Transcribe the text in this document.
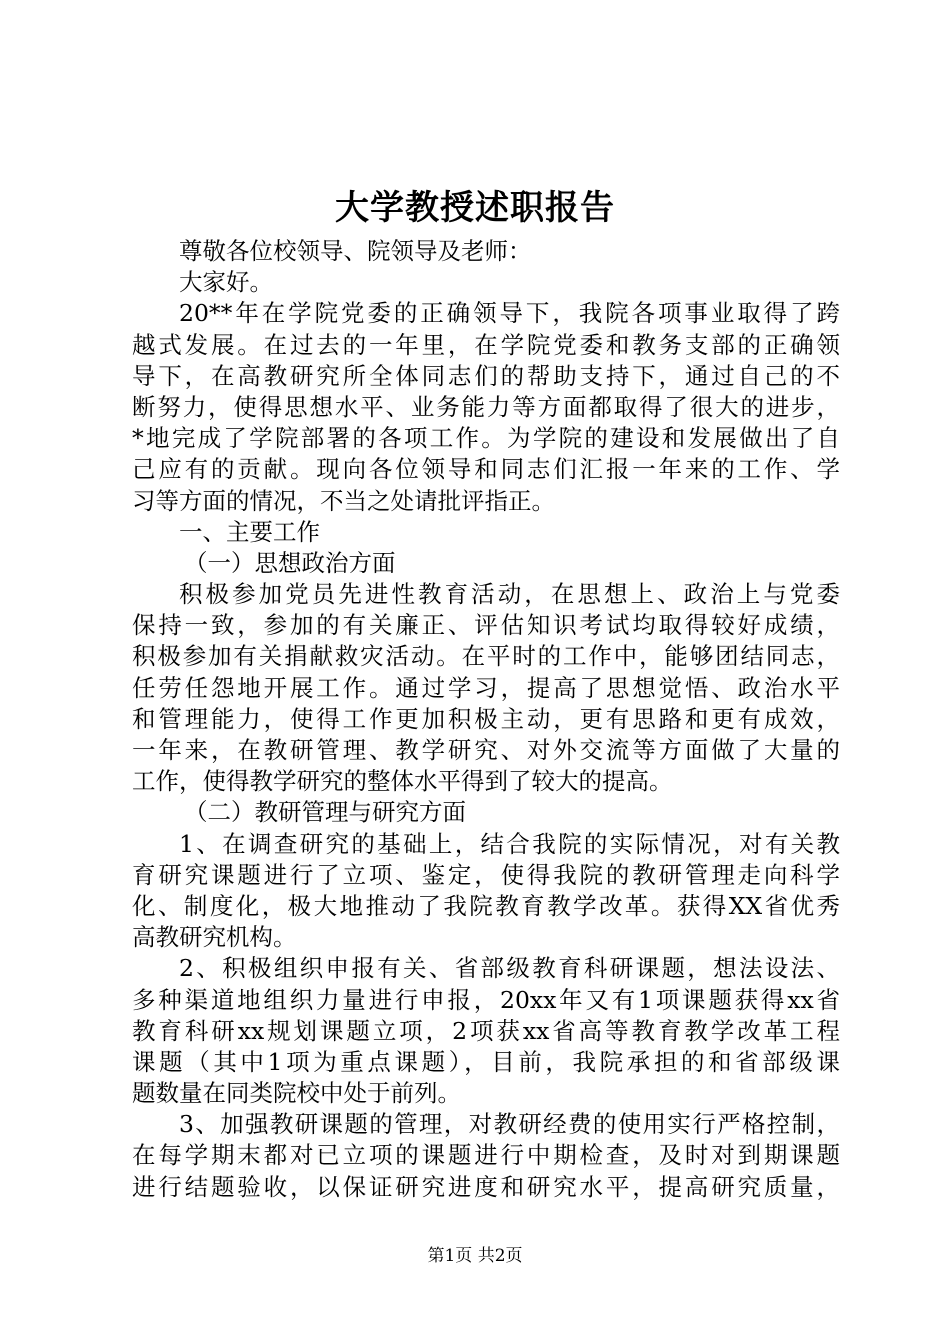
大学教授述职报告
尊敬各位校领导、院领导及老师：
大家好。
20**年在学院党委的正确领导下，我院各项事业取得了跨
越式发展。在过去的一年里，在学院党委和教务支部的正确领
导下，在高教研究所全体同志们的帮助支持下，通过自己的不
断努力，使得思想水平、业务能力等方面都取得了很大的进步，
*地完成了学院部署的各项工作。为学院的建设和发展做出了自
己应有的贡献。现向各位领导和同志们汇报一年来的工作、学
习等方面的情况，不当之处请批评指正。
一、主要工作
（一）思想政治方面
积极参加党员先进性教育活动，在思想上、政治上与党委
保持一致，参加的有关廉正、评估知识考试均取得较好成绩，
积极参加有关捐献救灾活动。在平时的工作中，能够团结同志，
任劳任怨地开展工作。通过学习，提高了思想觉悟、政治水平
和管理能力，使得工作更加积极主动，更有思路和更有成效，
一年来，在教研管理、教学研究、对外交流等方面做了大量的
工作，使得教学研究的整体水平得到了较大的提高。
（二）教研管理与研究方面
1、在调查研究的基础上，结合我院的实际情况，对有关教
育研究课题进行了立项、鉴定，使得我院的教研管理走向科学
化、制度化，极大地推动了我院教育教学改革。获得XX省优秀
高教研究机构。
2、积极组织申报有关、省部级教育科研课题，想法设法、
多种渠道地组织力量进行申报，20xx年又有1项课题获得xx省
教育科研xx规划课题立项，2项获xx省高等教育教学改革工程
课题（其中1项为重点课题），目前，我院承担的和省部级课
题数量在同类院校中处于前列。
3、加强教研课题的管理，对教研经费的使用实行严格控制，
在每学期末都对已立项的课题进行中期检查，及时对到期课题
进行结题验收，以保证研究进度和研究水平，提高研究质量，
第1页 共2页
